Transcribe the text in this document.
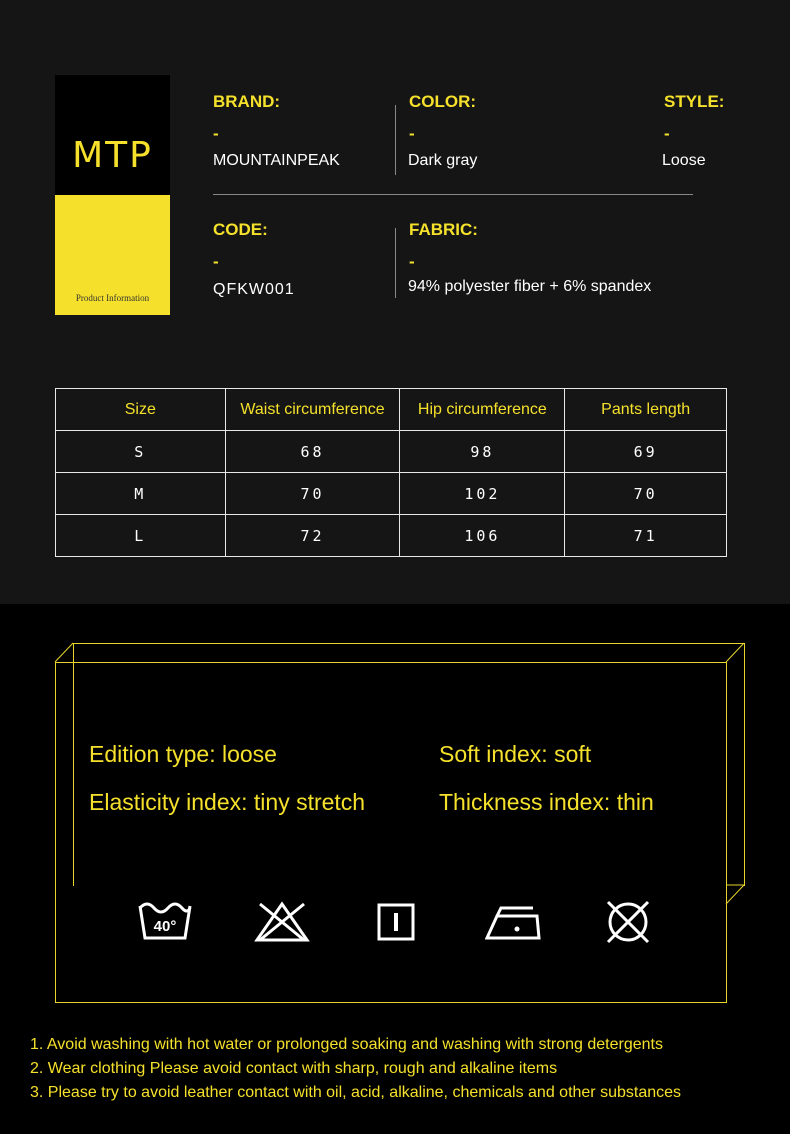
MTP
Product Information
BRAND:
-
MOUNTAINPEAK
COLOR:
-
Dark gray
STYLE:
-
Loose
CODE:
-
QFKW001
FABRIC:
-
94% polyester fiber + 6% spandex
Size	Waist circumference	Hip circumference	Pants length
S	68	98	69
M	70	102	70
L	72	106	71
Edition type: loose	Soft index: soft
Elasticity index: tiny stretch	Thickness index: thin
40°
1. Avoid washing with hot water or prolonged soaking and washing with strong detergents
2. Wear clothing Please avoid contact with sharp, rough and alkaline items
3. Please try to avoid leather contact with oil, acid, alkaline, chemicals and other substances
